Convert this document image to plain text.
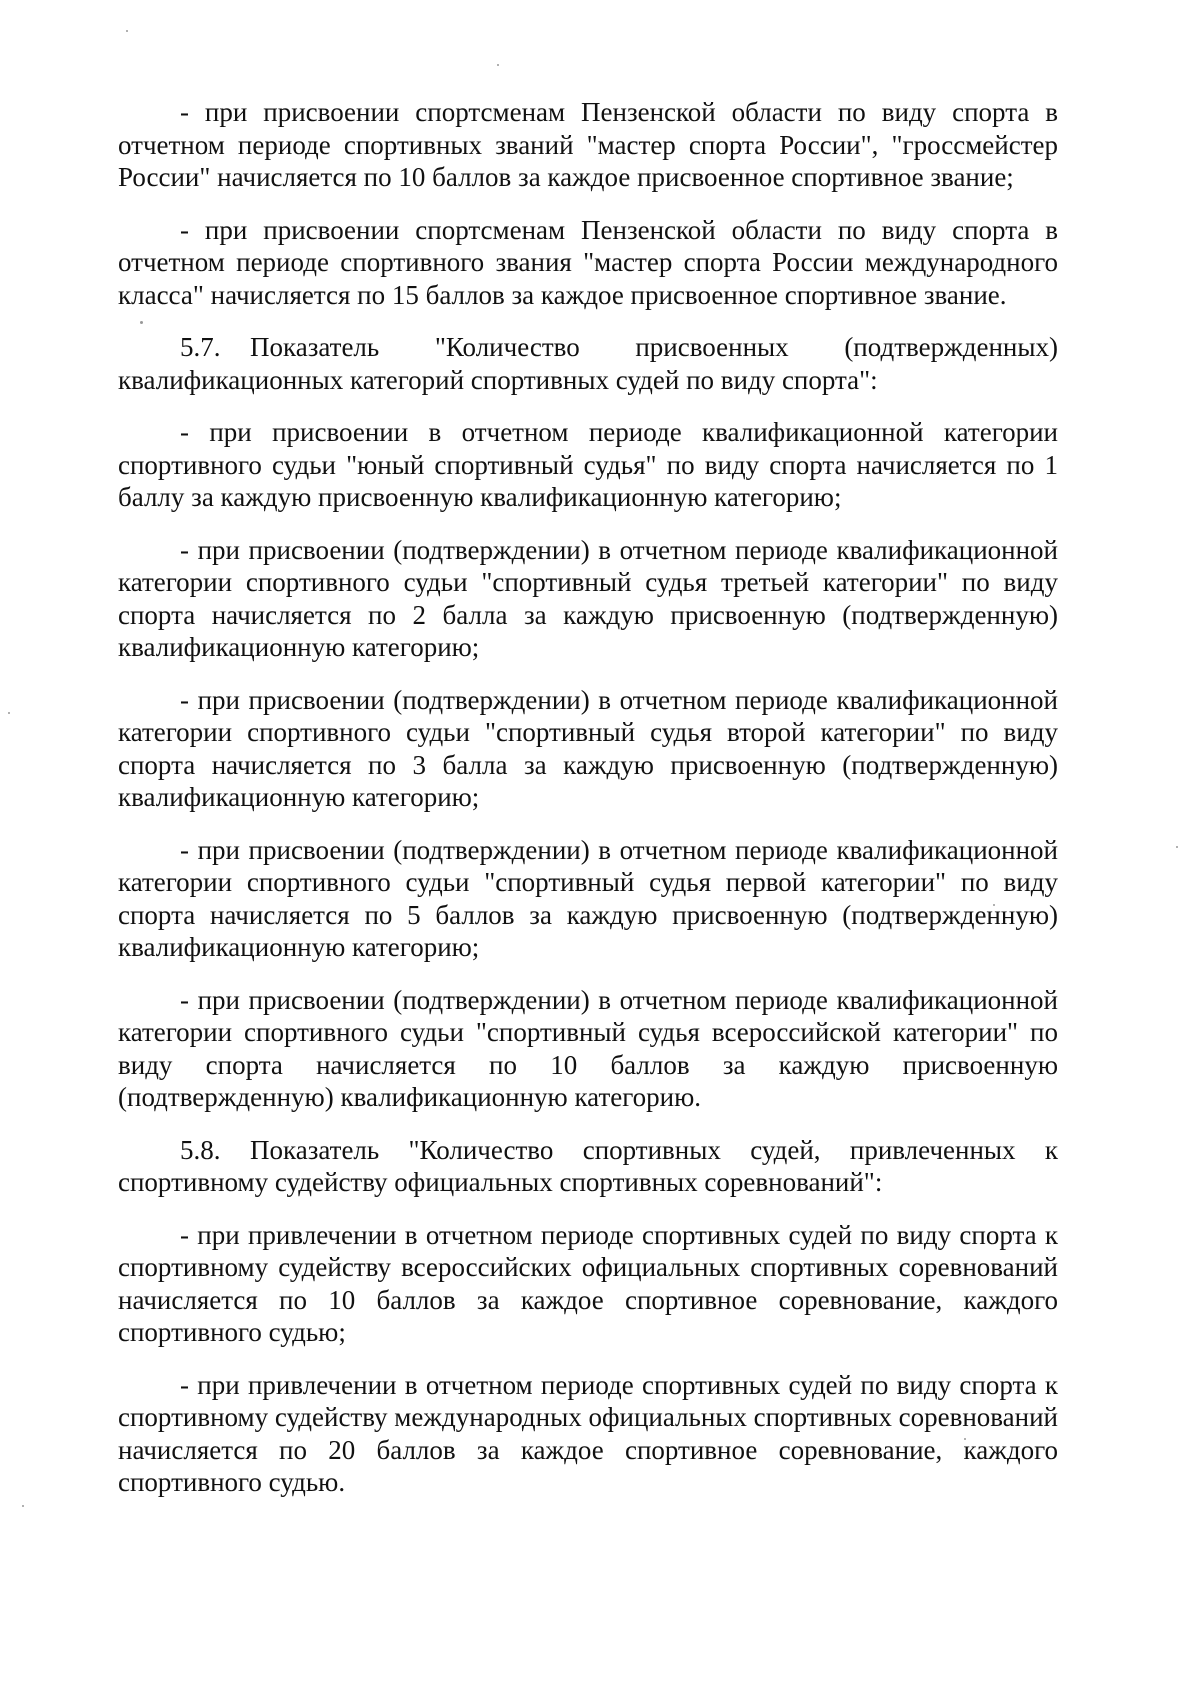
- при присвоении спортсменам Пензенской области по виду спорта в отчетном периоде спортивных званий "мастер спорта России", "гроссмейстер России" начисляется по 10 баллов за каждое присвоенное спортивное звание;

- при присвоении спортсменам Пензенской области по виду спорта в отчетном периоде спортивного звания "мастер спорта России международного класса" начисляется по 15 баллов за каждое присвоенное спортивное звание.

5.7. Показатель "Количество присвоенных (подтвержденных) квалификационных категорий спортивных судей по виду спорта":

- при присвоении в отчетном периоде квалификационной категории спортивного судьи "юный спортивный судья" по виду спорта начисляется по 1 баллу за каждую присвоенную квалификационную категорию;

- при присвоении (подтверждении) в отчетном периоде квалификационной категории спортивного судьи "спортивный судья третьей категории" по виду спорта начисляется по 2 балла за каждую присвоенную (подтвержденную) квалификационную категорию;

- при присвоении (подтверждении) в отчетном периоде квалификационной категории спортивного судьи "спортивный судья второй категории" по виду спорта начисляется по 3 балла за каждую присвоенную (подтвержденную) квалификационную категорию;

- при присвоении (подтверждении) в отчетном периоде квалификационной категории спортивного судьи "спортивный судья первой категории" по виду спорта начисляется по 5 баллов за каждую присвоенную (подтвержденную) квалификационную категорию;

- при присвоении (подтверждении) в отчетном периоде квалификационной категории спортивного судьи "спортивный судья всероссийской категории" по виду спорта начисляется по 10 баллов за каждую присвоенную (подтвержденную) квалификационную категорию.

5.8. Показатель "Количество спортивных судей, привлеченных к спортивному судейству официальных спортивных соревнований":

- при привлечении в отчетном периоде спортивных судей по виду спорта к спортивному судейству всероссийских официальных спортивных соревнований начисляется по 10 баллов за каждое спортивное соревнование, каждого спортивного судью;

- при привлечении в отчетном периоде спортивных судей по виду спорта к спортивному судейству международных официальных спортивных соревнований начисляется по 20 баллов за каждое спортивное соревнование, каждого спортивного судью.
